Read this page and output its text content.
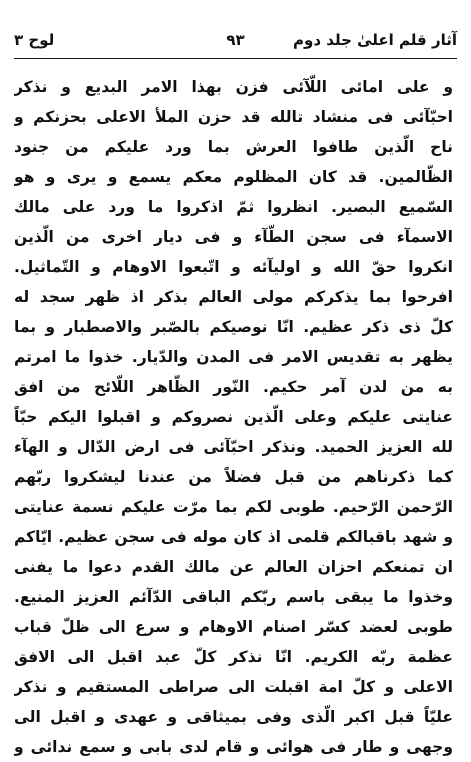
آثار قلم اعلیٰ جلد دوم
۹۳
لوح ۳
و على امائى اللّآئى فزن بهذا الامر البديع و نذكر
احبّآئى فى منشاد تالله قد حزن الملأ الاعلى بحزنكم و
ناح الّذين طافوا العرش بما ورد عليكم من جنود
الظّالمين. قد كان المظلوم معكم يسمع و يرى و هو
السّميع البصير. انظروا ثمّ اذكروا ما ورد على مالك
الاسمآء فى سجن الطّآء و فى ديار اخرى من الّذين
انكروا حقّ الله و اوليآئه و اتّبعوا الاوهام و التّماثيل.
افرحوا بما يذكركم مولى العالم بذكر اذ ظهر سجد له
كلّ ذى ذكر عظيم. انّا نوصيكم بالصّبر والاصطبار و بما
يظهر به تقديس الامر فى المدن والدّيار. خذوا ما امرتم
به من لدن آمر حكيم. النّور الظّاهر اللّائح من افق
عنايتى عليكم وعلى الّذين نصروكم و اقبلوا اليكم حبّاً
لله العزيز الحميد. ونذكر احبّآئى فى ارض الدّال و الهآء
كما ذكرناهم من قبل فضلاً من عندنا ليشكروا ربّهم
الرّحمن الرّحيم. طوبى لكم بما مرّت عليكم نسمة عنايتى
و شهد باقبالكم قلمى اذ كان موله فى سجن عظيم. ايّاكم
ان تمنعكم احزان العالم عن مالك القدم دعوا ما يفنى
وخذوا ما يبقى باسم ربّكم الباقى الدّآئم العزيز المنيع.
طوبى لعضد كسّر اصنام الاوهام و سرع الى ظلّ قباب
عظمة ربّه الكريم. انّا نذكر كلّ عبد اقبل الى الافق
الاعلى و كلّ امة اقبلت الى صراطى المستقيم و نذكر
عليّاً قبل اكبر الّذى وفى بميثاقى و عهدى و اقبل الى
وجهى و طار فى هوائى و قام لدى بابى و سمع ندائى و
